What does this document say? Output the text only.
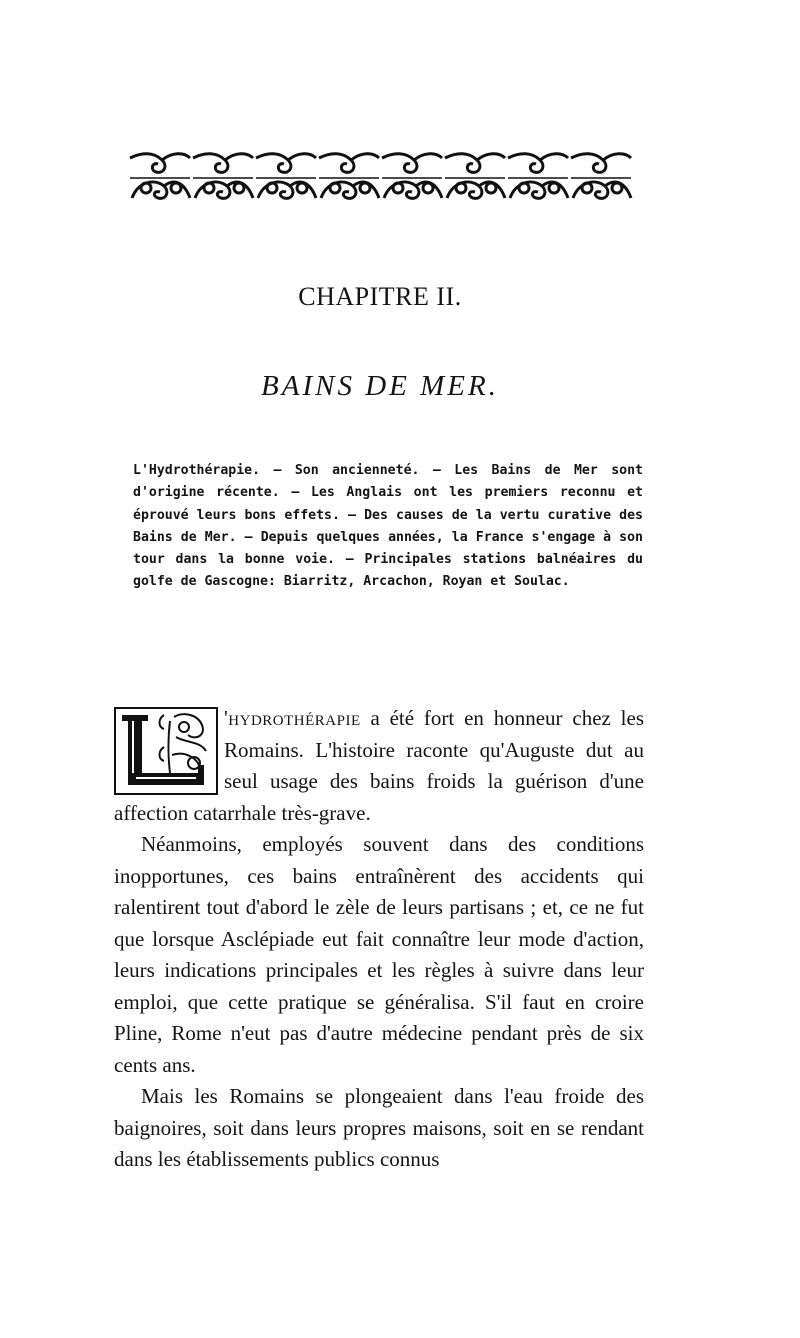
CHAPITRE II.
BAINS DE MER.
L'Hydrothérapie. — Son ancienneté. — Les Bains de Mer sont d'origine récente. — Les Anglais ont les premiers reconnu et éprouvé leurs bons effets. — Des causes de la vertu curative des Bains de Mer. — Depuis quelques années, la France s'engage à son tour dans la bonne voie. — Principales stations balnéaires du golfe de Gascogne: Biarritz, Arcachon, Royan et Soulac.

'hydrothérapie a été fort en honneur chez les Romains. L'histoire raconte qu'Auguste dut au seul usage des bains froids la guérison d'une affection catarrhale très-grave.

Néanmoins, employés souvent dans des conditions inopportunes, ces bains entraînèrent des accidents qui ralentirent tout d'abord le zèle de leurs partisans ; et, ce ne fut que lorsque Asclépiade eut fait connaître leur mode d'action, leurs indications principales et les règles à suivre dans leur emploi, que cette pratique se généralisa. S'il faut en croire Pline, Rome n'eut pas d'autre médecine pendant près de six cents ans.

Mais les Romains se plongeaient dans l'eau froide des baignoires, soit dans leurs propres maisons, soit en se rendant dans les établissements publics connus
